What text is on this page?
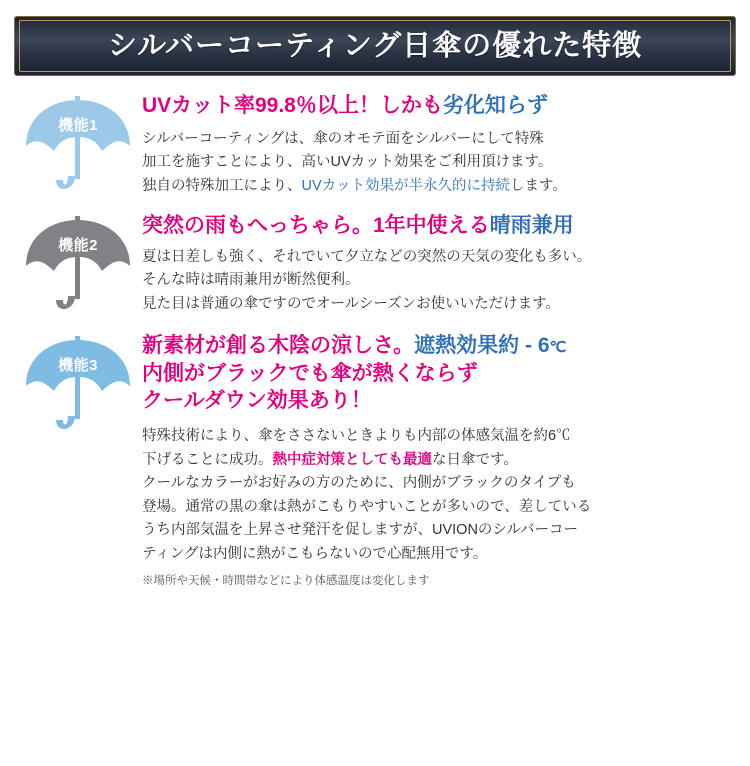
シルバーコーティング日傘の優れた特徴
機能1

UVカット率99.8％以上！しかも劣化知らず

シルバーコーティングは、傘のオモテ面をシルバーにして特殊
加工を施すことにより、高いUVカット効果をご利用頂けます。
独自の特殊加工により、UVカット効果が半永久的に持続します。

機能2

突然の雨もへっちゃら。1年中使える晴雨兼用

夏は日差しも強く、それでいて夕立などの突然の天気の変化も多い。
そんな時は晴雨兼用が断然便利。
見た目は普通の傘ですのでオールシーズンお使いいただけます。

機能3

新素材が創る木陰の涼しさ。遮熱効果約 - 6℃
内側がブラックでも傘が熱くならず
クールダウン効果あり！

特殊技術により、傘をささないときよりも内部の体感気温を約6℃
下げることに成功。熱中症対策としても最適な日傘です。
クールなカラーがお好みの方のために、内側がブラックのタイプも
登場。通常の黒の傘は熱がこもりやすいことが多いので、差している
うち内部気温を上昇させ発汗を促しますが、UVIONのシルバーコー
ティングは内側に熱がこもらないので心配無用です。

※場所や天候・時間帯などにより体感温度は変化します
